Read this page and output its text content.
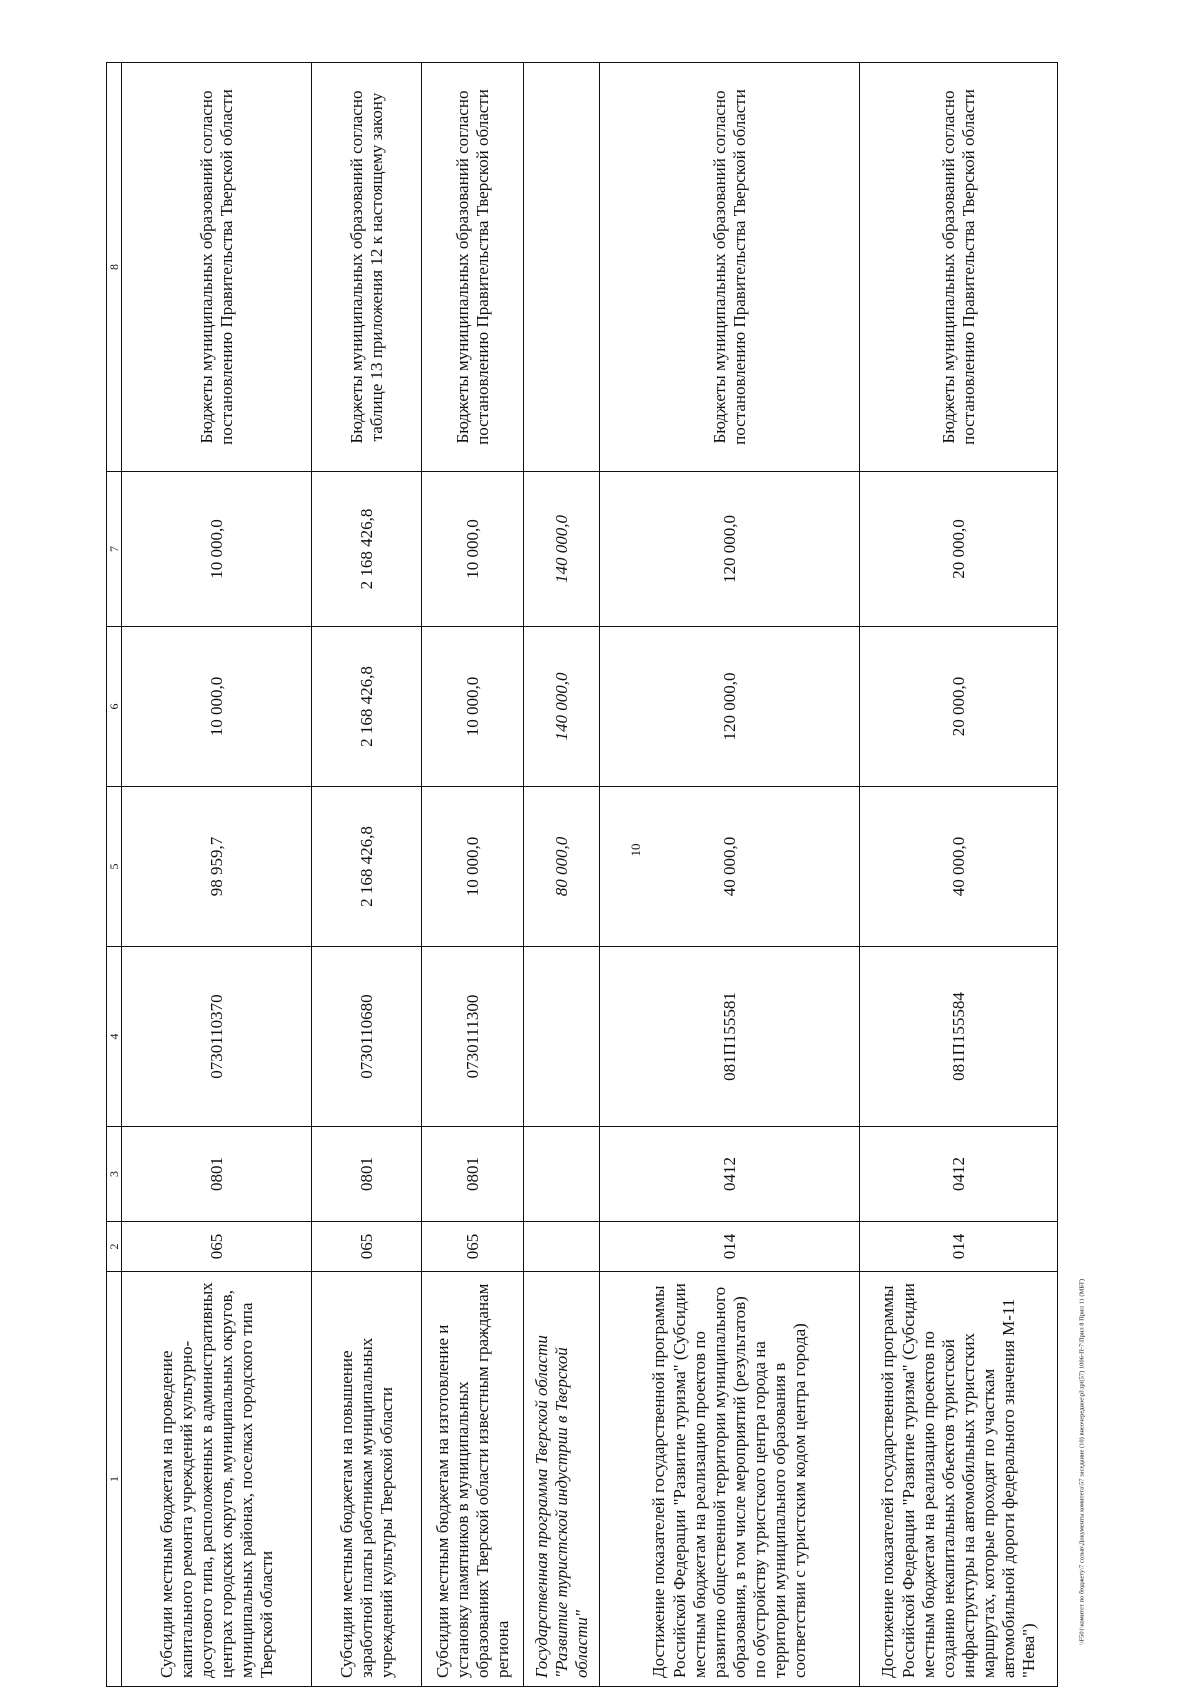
10
1	2	3	4	5	6	7	8
Субсидии местным бюджетам на проведение капитального ремонта учреждений культурно-досугового типа, расположенных в административных центрах городских округов, муниципальных округов, муниципальных районах, поселках городского типа Тверской области	065	0801	0730110370	98 959,7	10 000,0	10 000,0	Бюджеты муниципальных образований согласно постановлению Правительства Тверской области
Субсидии местным бюджетам на повышение заработной платы работникам муниципальных учреждений культуры Тверской области	065	0801	0730110680	2 168 426,8	2 168 426,8	2 168 426,8	Бюджеты муниципальных образований согласно таблице 13 приложения 12 к настоящему закону
Субсидии местным бюджетам на изготовление и установку памятников в муниципальных образованиях Тверской области известным гражданам региона	065	0801	0730111300	10 000,0	10 000,0	10 000,0	Бюджеты муниципальных образований согласно постановлению Правительства Тверской области
Государственная программа Тверской области "Развитие туристской индустрии в Тверской области"				80 000,0	140 000,0	140 000,0	
Достижение показателей государственной программы Российской Федерации "Развитие туризма" (Субсидии местным бюджетам на реализацию проектов по развитию общественной территории муниципального образования, в том числе мероприятий (результатов) по обустройству туристского центра города на территории муниципального образования в соответствии с туристским кодом центра города)	014	0412	081П155581	40 000,0	120 000,0	120 000,0	Бюджеты муниципальных образований согласно постановлению Правительства Тверской области
Достижение показателей государственной программы Российской Федерации "Развитие туризма" (Субсидии местным бюджетам на реализацию проектов по созданию некапитальных объектов туристской инфраструктуры на автомобильных туристских маршрутах, которые проходят по участкам автомобильной дороги федерального значения М-11 "Нева")	014	0412	081П155584	40 000,0	20 000,0	20 000,0	Бюджеты муниципальных образований согласно постановлению Правительства Тверской области
\\F501\комитет по бюджету\7 созыв\Документы комитета\57 заседание (10) внеочередное\рl\зрt(57) 1006-П-7\Прил 8 Прил 11 (МБТ)
